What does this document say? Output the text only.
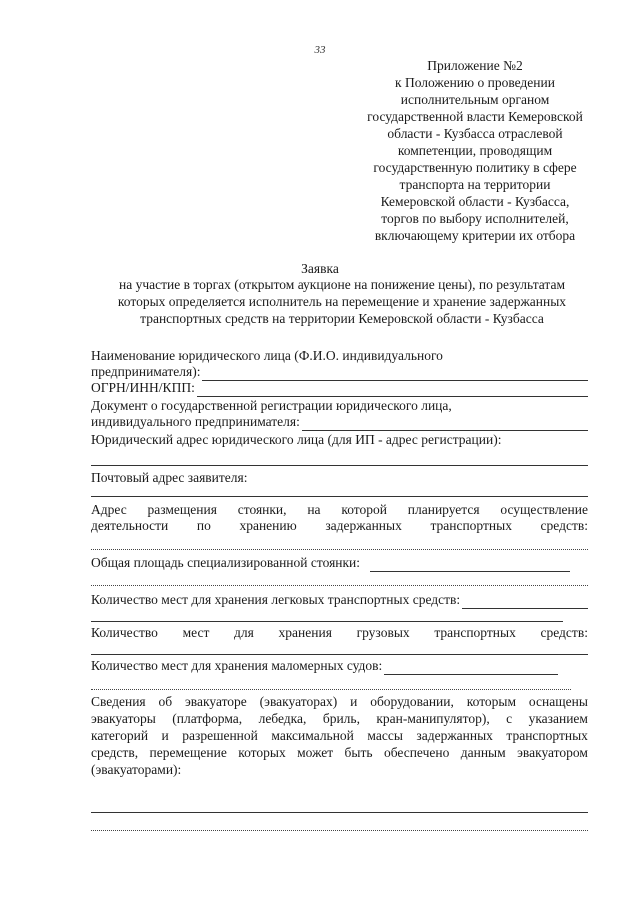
33
Приложение №2
к Положению о проведении
исполнительным органом
государственной власти Кемеровской
области - Кузбасса отраслевой
компетенции, проводящим
государственную политику в сфере
транспорта на территории
Кемеровской области - Кузбасса,
торгов по выбору исполнителей,
включающему критерии их отбора
Заявка
на участие в торгах (открытом аукционе на понижение цены), по результатам
которых определяется исполнитель на перемещение и хранение задержанных
транспортных средств на территории Кемеровской области - Кузбасса
Наименование юридического лица (Ф.И.О. индивидуального
предпринимателя):
ОГРН/ИНН/КПП:
Документ о государственной регистрации юридического лица,
индивидуального предпринимателя:
Юридический адрес юридического лица (для ИП - адрес регистрации):
Почтовый адрес заявителя:
Адрес размещения стоянки, на которой планируется осуществление
деятельности по хранению задержанных транспортных средств:
Общая площадь специализированной стоянки:
Количество мест для хранения легковых транспортных средств:
Количество мест для хранения грузовых транспортных средств:
Количество мест для хранения маломерных судов:
Сведения об эвакуаторе (эвакуаторах) и оборудовании, которым оснащены
эвакуаторы (платформа, лебедка, бриль, кран-манипулятор), с указанием
категорий и разрешенной максимальной массы задержанных транспортных
средств, перемещение которых может быть обеспечено данным эвакуатором
(эвакуаторами):
